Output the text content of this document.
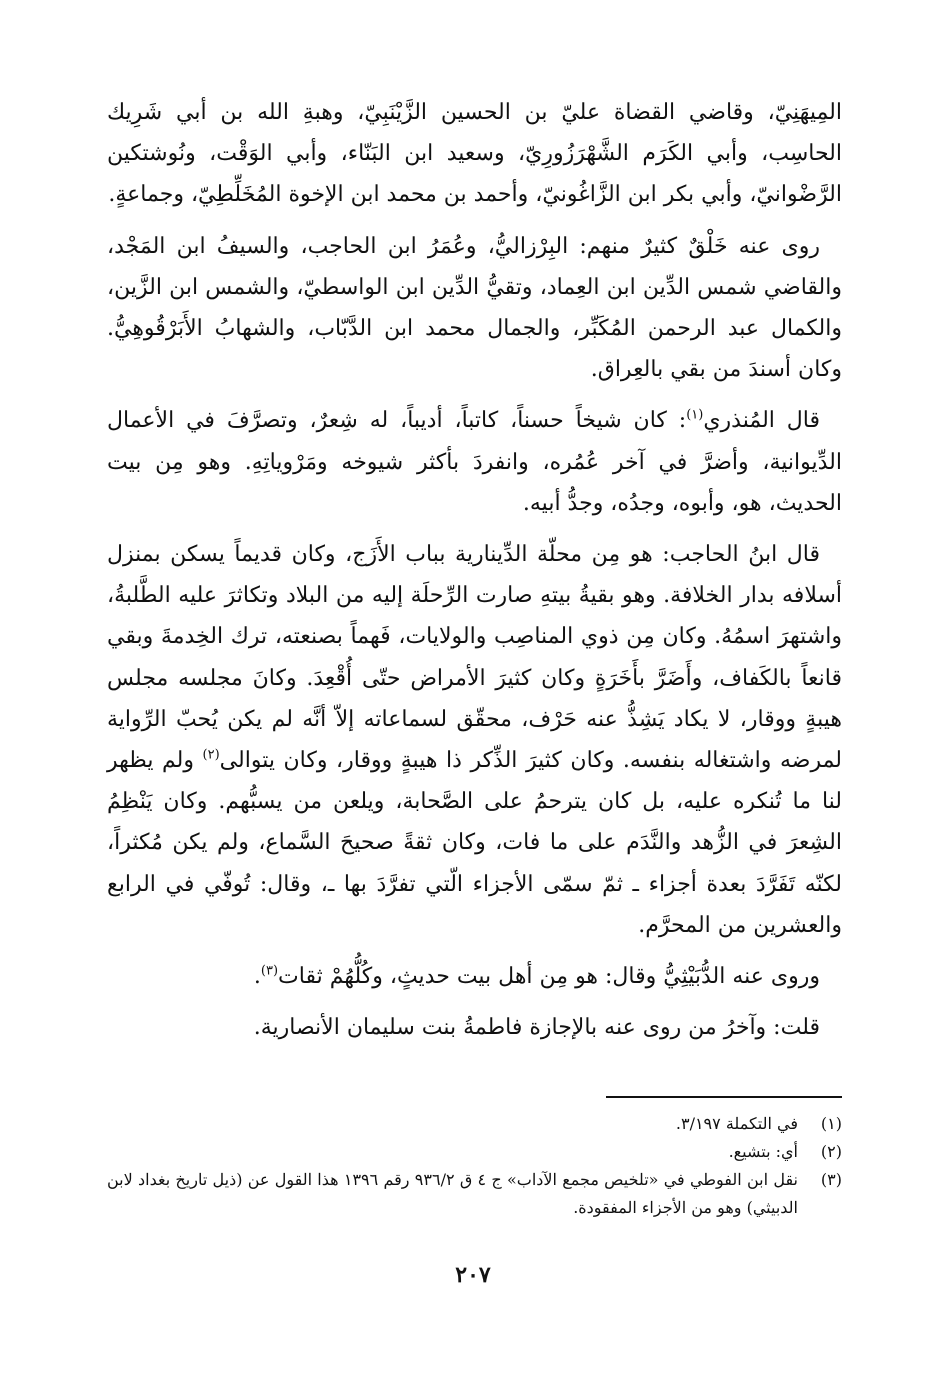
المِيهَنِيّ، وقاضي القضاة عليّ بن الحسين الزَّيْنَبِيّ، وهبةِ الله بن أبي شَرِيك الحاسِب، وأبي الكَرَم الشَّهْرَزُورِيّ، وسعيد ابن البَنّاء، وأبي الوَقْت، ونُوشتكين الرَّضْوانيّ، وأبي بكر ابن الزَّاغُونيّ، وأحمد بن محمد ابن الإخوة المُخَلِّطِيّ، وجماعةٍ.

روى عنه خَلْقٌ كثيرٌ منهم: البِرْزاليُّ، وعُمَرُ ابن الحاجب، والسيفُ ابن المَجْد، والقاضي شمس الدِّين ابن العِماد، وتقيُّ الدِّين ابن الواسطيّ، والشمس ابن الزَّين، والكمال عبد الرحمن المُكَبِّر، والجمال محمد ابن الدَّبّاب، والشهابُ الأَبَرْقُوهِيُّ. وكان أسندَ من بقي بالعِراق.

قال المُنذري$^{(١)}$: كان شيخاً حسناً، كاتباً، أديباً، له شِعرٌ، وتصرَّفَ في الأعمال الدِّيوانية، وأضرَّ في آخر عُمُره، وانفردَ بأكثر شيوخه ومَرْوياتِهِ. وهو مِن بيت الحديث، هو، وأبوه، وجدُه، وجدُّ أبيه.

قال ابنُ الحاجب: هو مِن محلّة الدِّينارية بباب الأَزَج، وكان قديماً يسكن بمنزل أسلافه بدار الخلافة. وهو بقيةُ بيتهِ صارت الرِّحلَة إليه من البلاد وتكاثرَ عليه الطَّلبةُ، واشتهرَ اسمُهُ. وكان مِن ذوي المناصِب والولايات، فَهماً بصنعته، ترك الخِدمةَ وبقي قانعاً بالكَفاف، وأَضَرَّ بأَخَرَةٍ وكان كثيرَ الأمراض حتّى أُقْعِدَ. وكانَ مجلسه مجلس هيبةٍ ووقار، لا يكاد يَشِذُّ عنه حَرْف، محقّق لسماعاته إلاّ أنَّه لم يكن يُحبّ الرِّواية لمرضه واشتغاله بنفسه. وكان كثيرَ الذِّكر ذا هيبةٍ ووقار، وكان يتوالى$^{(٢)}$ ولم يظهر لنا ما تُنكره عليه، بل كان يترحمُ على الصَّحابة، ويلعن من يسبُّهم. وكان يَنْظِمُ الشِعرَ في الزُّهد والنَّدَم على ما فات، وكان ثقةً صحيحَ السَّماع، ولم يكن مُكثراً، لكنّه تَفَرَّدَ بعدة أجزاء ـ ثمّ سمّى الأجزاء الّتي تفرَّدَ بها ـ، وقال: تُوفّي في الرابع والعشرين من المحرَّم.

وروى عنه الدُّبَيْثِيُّ وقال: هو مِن أهل بيت حديثٍ، وكُلُّهُمْ ثقات$^{(٣)}$.

قلت: وآخرُ من روى عنه بالإجازة فاطمةُ بنت سليمان الأنصارية.

(١)
في التكملة ٣/١٩٧.
(٢)
أي: بتشيع.
(٣)
نقل ابن الفوطي في «تلخيص مجمع الآداب» ج ٤ ق ٩٣٦/٢ رقم ١٣٩٦ هذا القول عن (ذيل تاريخ بغداد لابن الدبيثي) وهو من الأجزاء المفقودة.
٢٠٧
